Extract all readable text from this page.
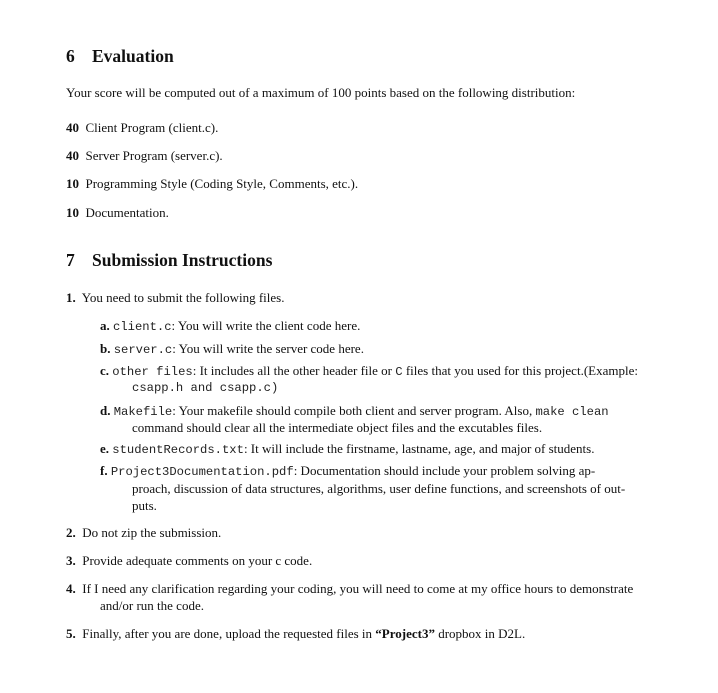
6 Evaluation
Your score will be computed out of a maximum of 100 points based on the following distribution:
40 Client Program (client.c).
40 Server Program (server.c).
10 Programming Style (Coding Style, Comments, etc.).
10 Documentation.
7 Submission Instructions
1. You need to submit the following files.
a. client.c: You will write the client code here.
b. server.c: You will write the server code here.
c. other files: It includes all the other header file or C files that you used for this project.(Example:
csapp.h and csapp.c)
d. Makefile: Your makefile should compile both client and server program. Also, make clean
command should clear all the intermediate object files and the excutables files.
e. studentRecords.txt: It will include the firstname, lastname, age, and major of students.
f. Project3Documentation.pdf: Documentation should include your problem solving ap-
proach, discussion of data structures, algorithms, user define functions, and screenshots of out-
puts.
2. Do not zip the submission.
3. Provide adequate comments on your c code.
4. If I need any clarification regarding your coding, you will need to come at my office hours to demonstrate
and/or run the code.
5. Finally, after you are done, upload the requested files in “Project3” dropbox in D2L.
